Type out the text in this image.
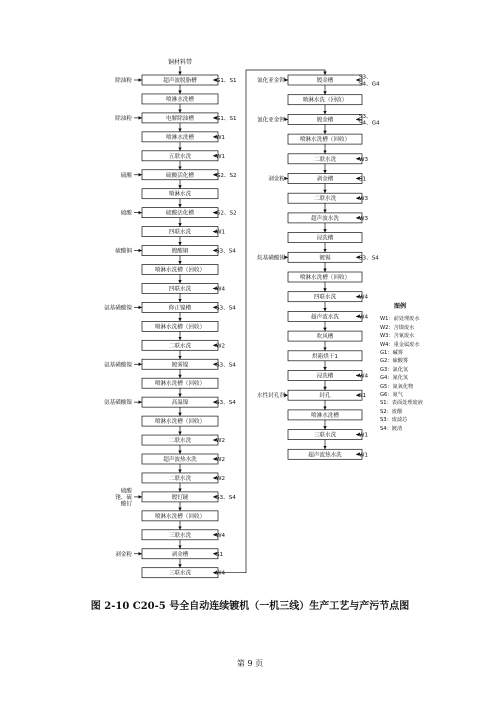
铜材料带
超声波脱脂槽
除油粉	G1、S1
喷淋水洗槽
电解除油槽
除油粉	G1、S1
喷淋水洗槽	W1
五联水洗	W1
硫酸活化槽
硫酸	G2、S2
喷淋水洗
硫酸活化槽
硫酸	G2、S2
四联水洗	W1
镀酸铜
硫酸铜	S3、S4
喷淋水洗槽（回收）
四联水洗	W4
修正镍槽
氨基磺酸镍	S3、S4
喷淋水洗槽（回收）
二联水洗	W2
镀雾镍
氨基磺酸镍	S3、S4
喷淋水洗槽（回收）
高温镍
氨基磺酸镍	S3、S4
喷淋水洗槽（回收）
二联水洗	W2
超声波热水洗	W2
二联水洗	W2
镀钌鐽
硫酸铑、硫酸钌
S3、S4
喷淋水洗槽（回收）
三联水洗	W4
剥金槽
剥金粉	S1
三联水洗	W4
镀金槽
氰化亚金钾
S3、 S4、G4
喷淋水洗（回收）
镀金槽
氰化亚金钾
S3、 S4、G4
喷淋水洗槽（回收）
二联水洗	W3
剥金槽
剥金粉	S1
二联水洗	W3
超声波水洗	W3
浸洗槽
镀锡
烷基磺酸锡	S3、S4
喷淋水洗槽（回收）
四联水洗	W4
超声波水洗	W4
吹风槽
烘箱烘干1
浸洗槽	W4
封孔
水性封孔剂	S1
喷淋水洗槽
三联水洗	W1
超声波热水洗	W1
图例
W1：前处理废水
W2：含镍废水
W3：含氰废水
W4：重金属废水
G1：碱雾
G2：硫酸雾
G3：氯化氢
G4：氰化氢
G5：氮氧化物
G6：氨气
S1：表面处理废液
S2：废酸
S3：废滤芯
S4：镀渣
图 2-10 C20-5 号全自动连续镀机（一机三线）生产工艺与产污节点图
第 9 页
